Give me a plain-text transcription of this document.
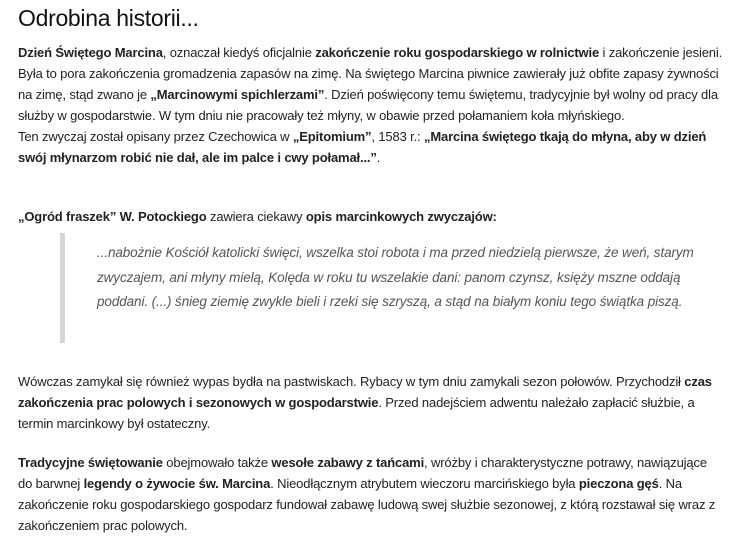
Odrobina historii...

Dzień Świętego Marcina, oznaczał kiedyś oficjalnie zakończenie roku gospodarskiego w rolnictwie i zakończenie jesieni. Była to pora zakończenia gromadzenia zapasów na zimę. Na świętego Marcina piwnice zawierały już obfite zapasy żywności na zimę, stąd zwano je „Marcinowymi spichlerzami”. Dzień poświęcony temu świętemu, tradycyjnie był wolny od pracy dla służby w gospodarstwie. W tym dniu nie pracowały też młyny, w obawie przed połamaniem koła młyńskiego.
Ten zwyczaj został opisany przez Czechowica w „Epitomium”, 1583 r.: „Marcina świętego tkają do młyna, aby w dzień swój młynarzom robić nie dał, ale im palce i cwy połamał...”.

„Ogród fraszek” W. Potockiego zawiera ciekawy opis marcinkowych zwyczajów:

...nabożnie Kościół katolicki święci, wszelka stoi robota i ma przed niedzielą pierwsze, że weń, starym zwyczajem, ani młyny mielą, Kolęda w roku tu wszelakie dani: panom czynsz, księży mszne oddają poddani. (...) śnieg ziemię zwykle bieli i rzeki się szryszą, a stąd na białym koniu tego świątka piszą.

Wówczas zamykał się również wypas bydła na pastwiskach. Rybacy w tym dniu zamykali sezon połowów. Przychodził czas zakończenia prac polowych i sezonowych w gospodarstwie. Przed nadejściem adwentu należało zapłacić służbie, a termin marcinkowy był ostateczny.

Tradycyjne świętowanie obejmowało także wesołe zabawy z tańcami, wróżby i charakterystyczne potrawy, nawiązujące do barwnej legendy o żywocie św. Marcina. Nieodłącznym atrybutem wieczoru marcińskiego była pieczona gęś. Na zakończenie roku gospodarskiego gospodarz fundował zabawę ludową swej służbie sezonowej, z którą rozstawał się wraz z zakończeniem prac polowych.
